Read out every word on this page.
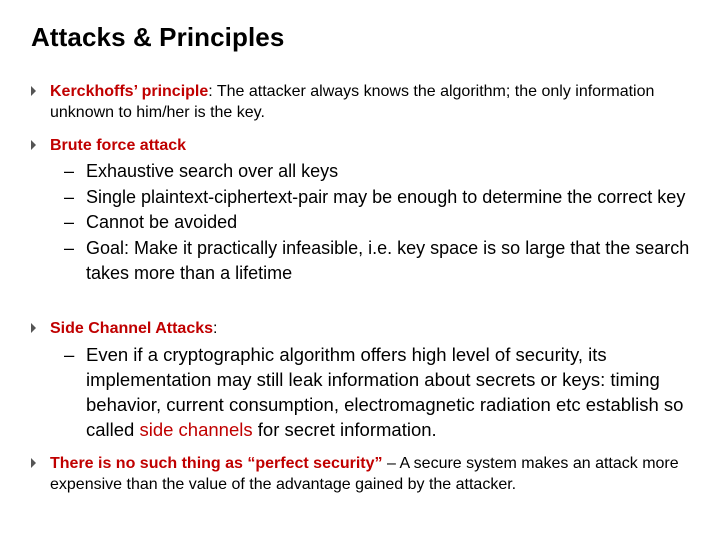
Attacks & Principles
Kerckhoffs’ principle: The attacker always knows the algorithm; the only information unknown to him/her is the key.
Brute force attack
– Exhaustive search over all keys
– Single plaintext-ciphertext-pair may be enough to determine the correct key
– Cannot be avoided
– Goal: Make it practically infeasible, i.e. key space is so large that the search takes more than a lifetime
Side Channel Attacks:
– Even if a cryptographic algorithm offers high level of security, its implementation may still leak information about secrets or keys: timing behavior, current consumption, electromagnetic radiation etc establish so called side channels for secret information.
There is no such thing as “perfect security” – A secure system makes an attack more expensive than the value of the advantage gained by the attacker.
